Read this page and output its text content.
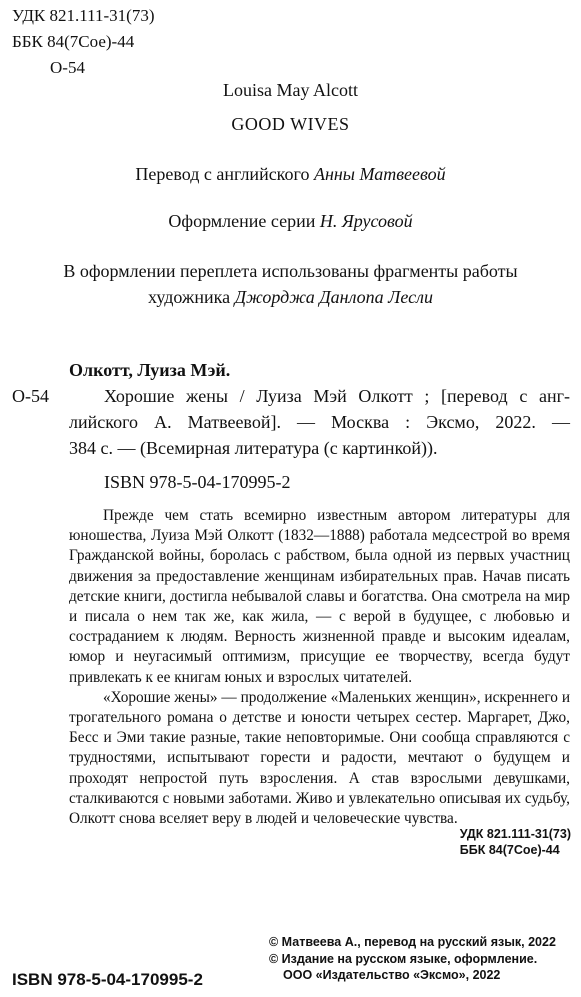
УДК 821.111-31(73)
ББК 84(7Сое)-44
О-54
Louisa May Alcott
GOOD WIVES
Перевод с английского Анны Матвеевой
Оформление серии Н. Ярусовой
В оформлении переплета использованы фрагменты работы
художника Джорджа Данлопа Лесли
Олкотт, Луиза Мэй.
О-54	Хорошие жены / Луиза Мэй Олкотт ; [перевод с анг-
лийского А. Матвеевой]. — Москва : Эксмо, 2022. —
384 с. — (Всемирная литература (с картинкой)).
ISBN 978-5-04-170995-2

Прежде чем стать всемирно известным автором литературы для юношества, Луиза Мэй Олкотт (1832—1888) работала медсестрой во время Гражданской войны, боролась с рабством, была одной из первых участниц движения за предоставление женщинам избирательных прав. Начав писать детские книги, достигла небывалой славы и богатства. Она смотрела на мир и писала о нем так же, как жила, — с верой в будущее, с любовью и состраданием к людям. Верность жизненной правде и высоким идеалам, юмор и неугасимый оптимизм, присущие ее творчеству, всегда будут привлекать к ее книгам юных и взрослых читателей.

«Хорошие жены» — продолжение «Маленьких женщин», искреннего и трогательного романа о детстве и юности четырех сестер. Маргарет, Джо, Бесс и Эми такие разные, такие неповторимые. Они сообща справляются с трудностями, испытывают горести и радости, мечтают о будущем и проходят непростой путь взросления. А став взрослыми девушками, сталкиваются с новыми заботами. Живо и увлекательно описывая их судьбу, Олкотт снова вселяет веру в людей и человеческие чувства.

УДК 821.111-31(73)
ББК 84(7Сое)-44
© Матвеева А., перевод на русский язык, 2022
© Издание на русском языке, оформление.
ООО «Издательство «Эксмо», 2022
ISBN 978-5-04-170995-2
